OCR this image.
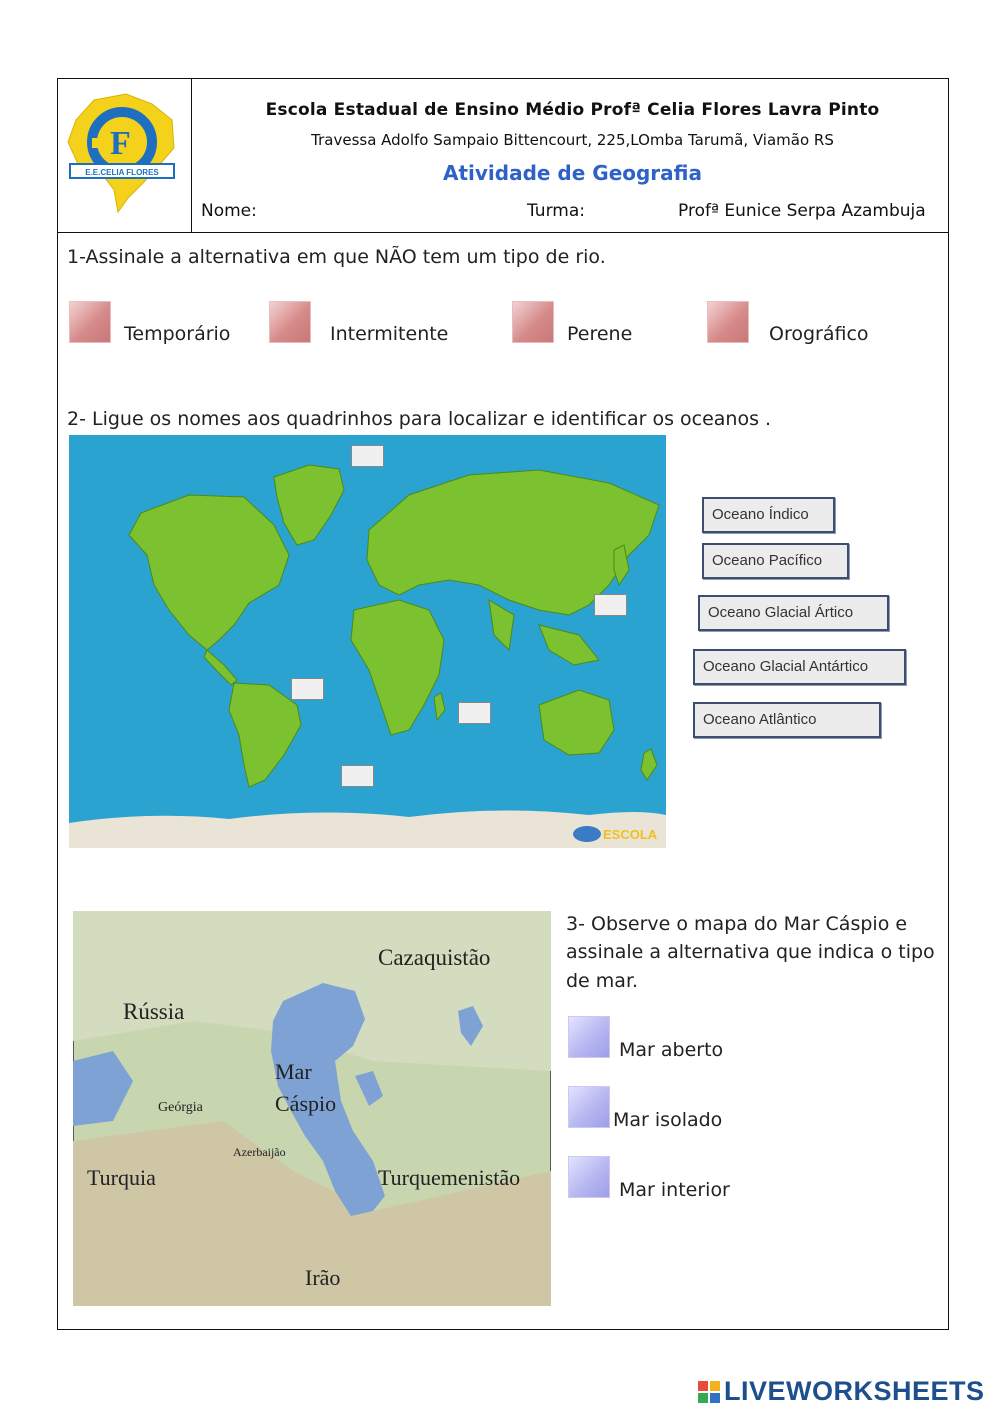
F
E.E.CELIA FLORES
Escola Estadual de Ensino Médio Profª Celia Flores Lavra Pinto
Travessa Adolfo Sampaio Bittencourt, 225,LOmba Tarumã, Viamão RS
Atividade de Geografia
Nome:	Turma:	Profª Eunice Serpa Azambuja
1-Assinale a alternativa em que NÃO tem um tipo de rio.
Temporário	Intermitente	Perene	Orográfico
2- Ligue os nomes aos quadrinhos para localizar e identificar os oceanos .
ESCOLA
Oceano Índico
Oceano Pacífico
Oceano Glacial Ártico
Oceano Glacial Antártico
Oceano Atlântico
Cazaquistão
Rússia
Mar
Cáspio
Geórgia
Azerbaijão
Turquia	Turquemenistão
Irão
3- Observe o mapa do Mar Cáspio e
assinale a alternativa que indica o tipo
de mar.
Mar aberto
Mar isolado
Mar interior
LIVEWORKSHEETS
